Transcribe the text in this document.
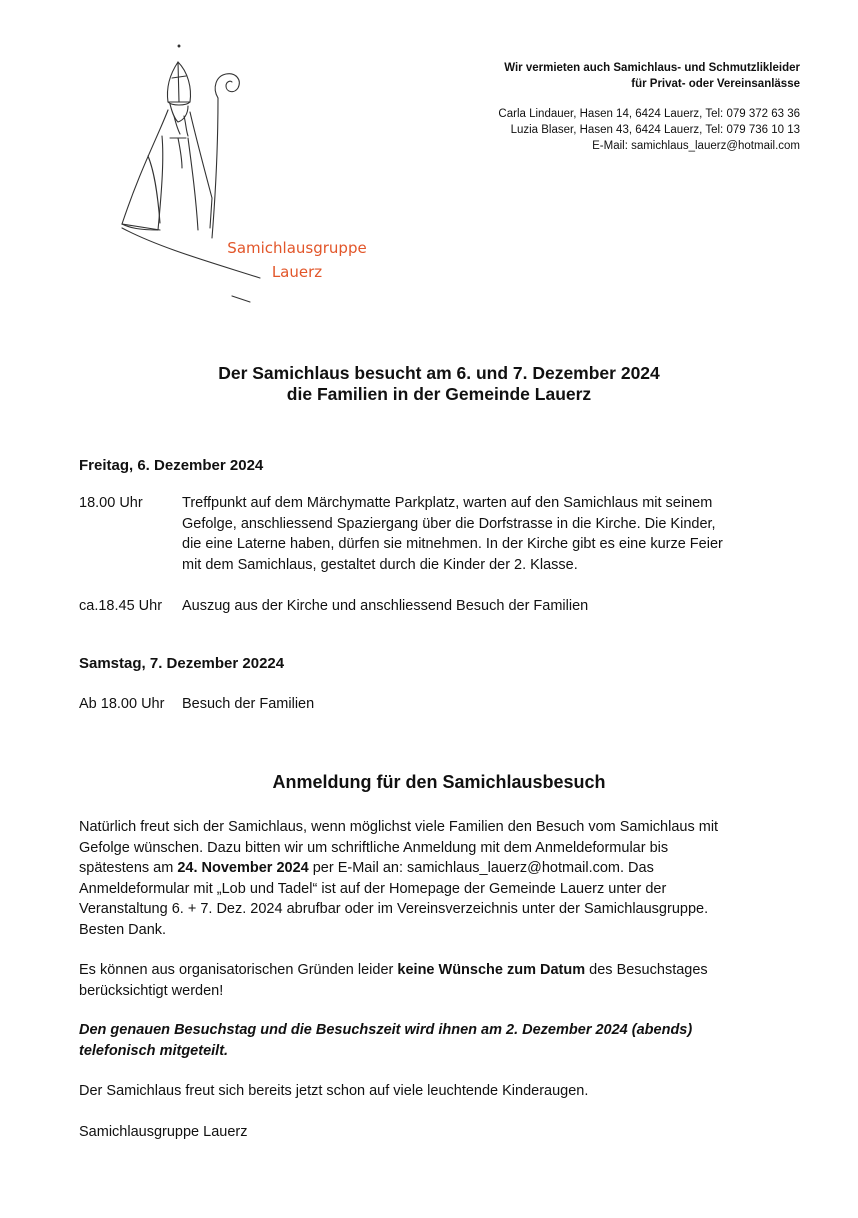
Samichlausgruppe
Lauerz
Wir vermieten auch Samichlaus- und Schmutzlikleider
für Privat- oder Vereinsanlässe
Carla Lindauer, Hasen 14, 6424 Lauerz, Tel: 079 372 63 36
Luzia Blaser, Hasen 43, 6424 Lauerz, Tel: 079 736 10 13
E-Mail: samichlaus_lauerz@hotmail.com
Der Samichlaus besucht am 6. und 7. Dezember 2024
die Familien in der Gemeinde Lauerz
Freitag, 6. Dezember 2024
18.00 Uhr	Treffpunkt auf dem Märchymatte Parkplatz, warten auf den Samichlaus mit seinem
Gefolge, anschliessend Spaziergang über die Dorfstrasse in die Kirche. Die Kinder,
die eine Laterne haben, dürfen sie mitnehmen. In der Kirche gibt es eine kurze Feier
mit dem Samichlaus, gestaltet durch die Kinder der 2. Klasse.
ca.18.45 Uhr Auszug aus der Kirche und anschliessend Besuch der Familien
Samstag, 7. Dezember 20224
Ab 18.00 Uhr Besuch der Familien
Anmeldung für den Samichlausbesuch
Natürlich freut sich der Samichlaus, wenn möglichst viele Familien den Besuch vom Samichlaus mit
Gefolge wünschen. Dazu bitten wir um schriftliche Anmeldung mit dem Anmeldeformular bis
spätestens am 24. November 2024 per E-Mail an: samichlaus_lauerz@hotmail.com. Das
Anmeldeformular mit „Lob und Tadel“ ist auf der Homepage der Gemeinde Lauerz unter der
Veranstaltung 6. + 7. Dez. 2024 abrufbar oder im Vereinsverzeichnis unter der Samichlausgruppe.
Besten Dank.
Es können aus organisatorischen Gründen leider keine Wünsche zum Datum des Besuchstages
berücksichtigt werden!
Den genauen Besuchstag und die Besuchszeit wird ihnen am 2. Dezember 2024 (abends)
telefonisch mitgeteilt.
Der Samichlaus freut sich bereits jetzt schon auf viele leuchtende Kinderaugen.
Samichlausgruppe Lauerz
